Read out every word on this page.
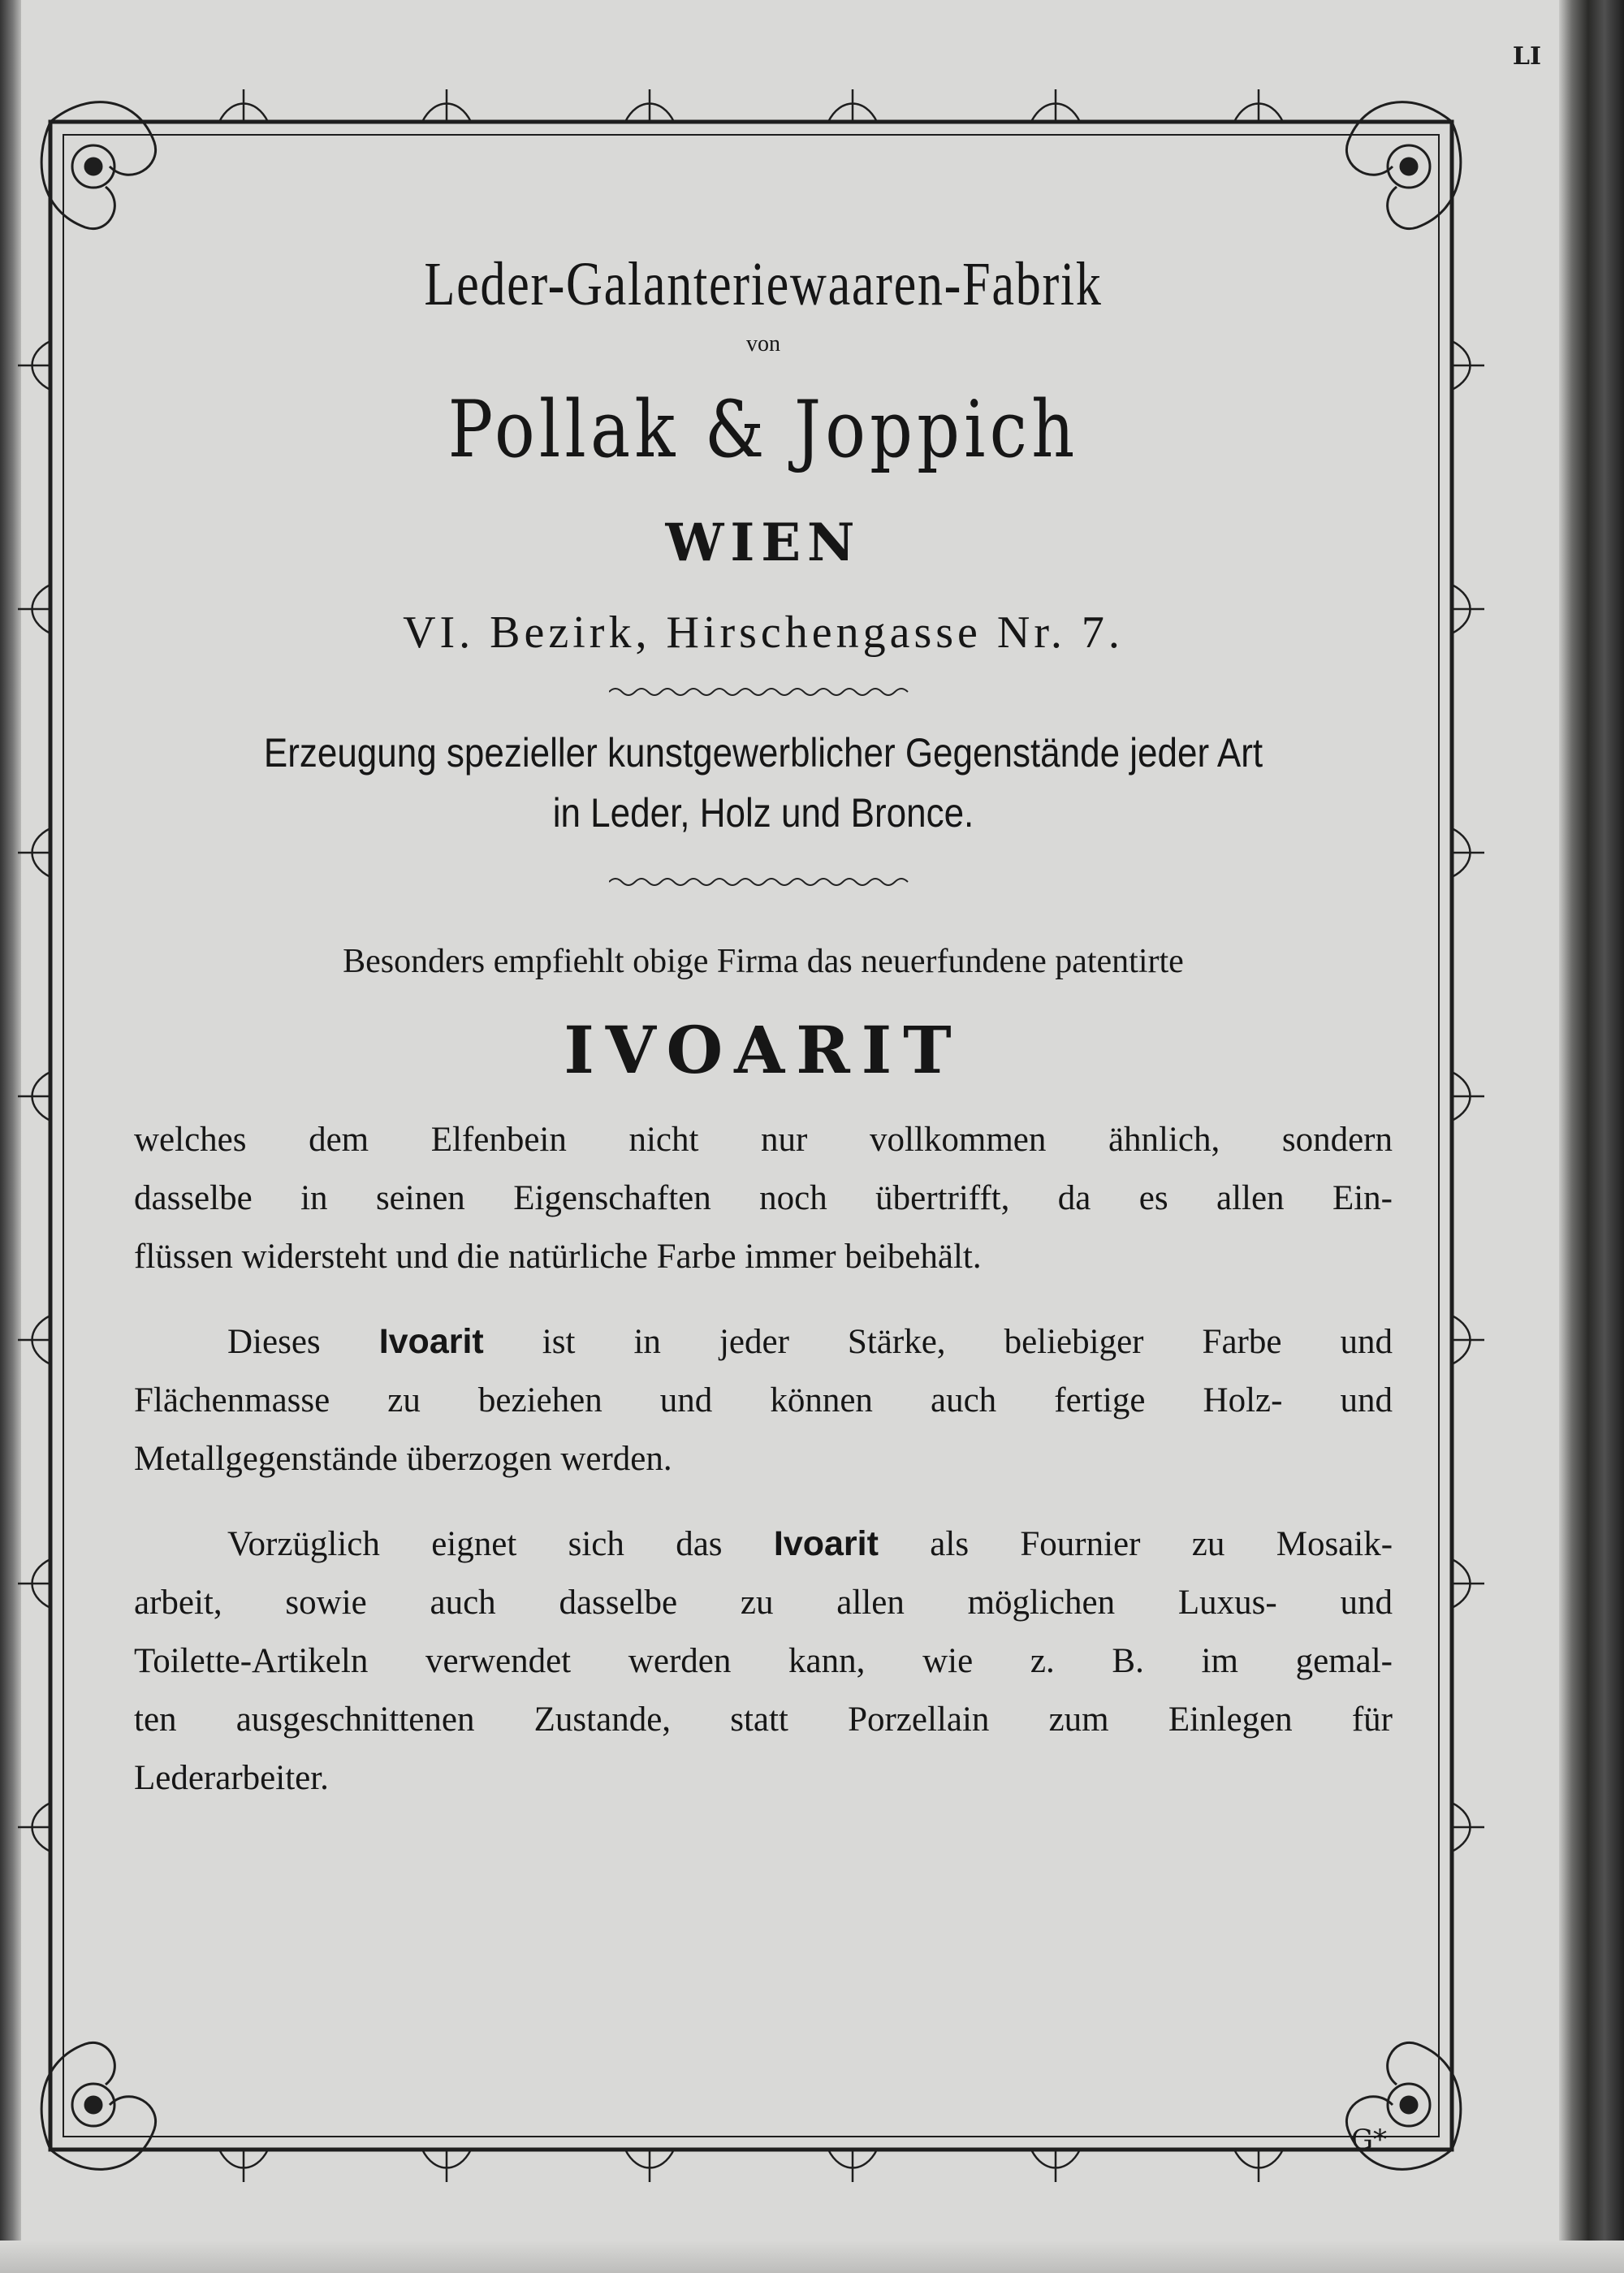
LI
Leder-Galanteriewaaren-Fabrik
von
Pollak & Joppich
WIEN
VI. Bezirk, Hirschengasse Nr. 7.
Erzeugung spezieller kunstgewerblicher Gegenstände jeder Art
in Leder, Holz und Bronce.
Besonders empfiehlt obige Firma das neuerfundene patentirte
IVOARIT
welches dem Elfenbein nicht nur vollkommen ähnlich, sondern
dasselbe in seinen Eigenschaften noch übertrifft, da es allen Ein-
flüssen widersteht und die natürliche Farbe immer beibehält.
Dieses Ivoarit ist in jeder Stärke, beliebiger Farbe und
Flächenmasse zu beziehen und können auch fertige Holz- und
Metallgegenstände überzogen werden.
Vorzüglich eignet sich das Ivoarit als Fournier zu Mosaik-
arbeit, sowie auch dasselbe zu allen möglichen Luxus- und
Toilette-Artikeln verwendet werden kann, wie z. B. im gemal-
ten ausgeschnittenen Zustande, statt Porzellain zum Einlegen für
Lederarbeiter.
G*
